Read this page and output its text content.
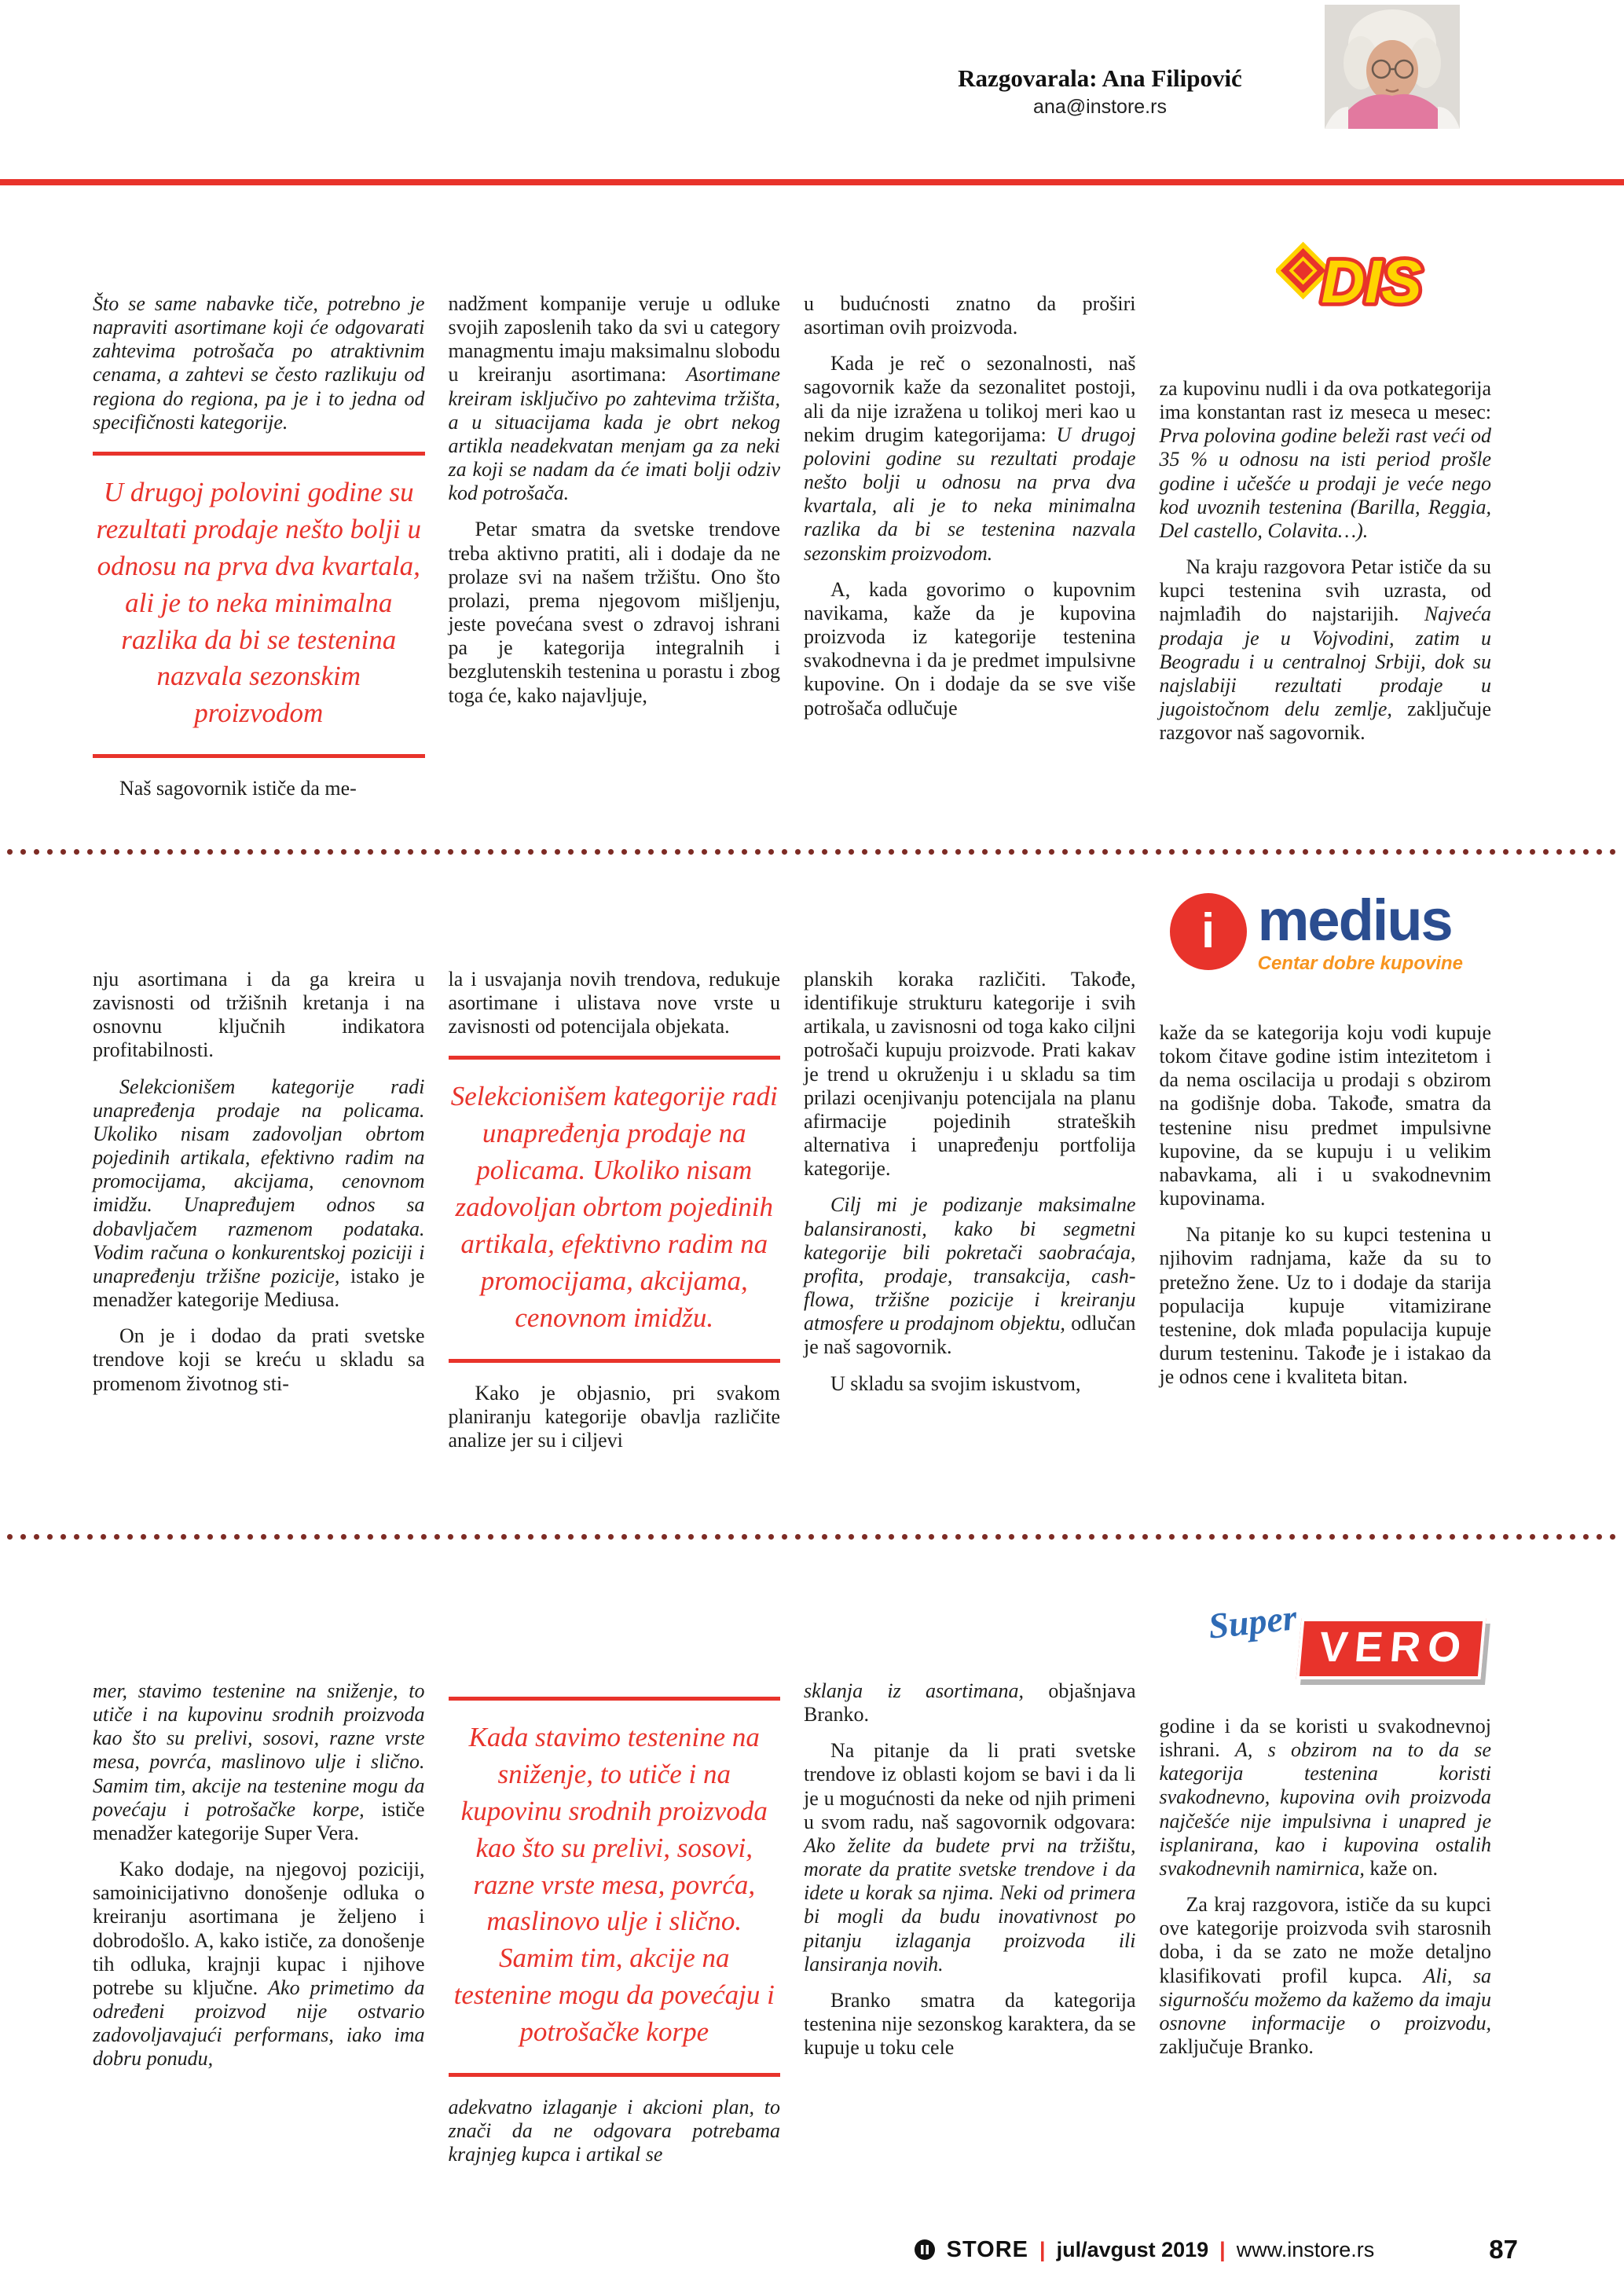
Razgovarala: Ana Filipović
ana@instore.rs
DIS

Što se same nabavke tiče, potrebno je napraviti asortimane koji će odgovarati zahtevima potrošača po atraktivnim cenama, a zahtevi se često razlikuju od regiona do regiona, pa je i to jedna od specifičnosti kategorije.

U drugoj polovini godine su rezultati prodaje nešto bolji u odnosu na prva dva kvartala, ali je to neka minimalna razlika da bi se testenina nazvala sezonskim proizvodom

Naš sagovornik ističe da me-

nadžment kompanije veruje u odluke svojih zaposlenih tako da svi u category managmentu imaju maksimalnu slobodu u kreiranju asortimana: Asortimane kreiram isključivo po zahtevima tržišta, a u situacijama kada je obrt nekog artikla neadekvatan menjam ga za neki za koji se nadam da će imati bolji odziv kod potrošača.

Petar smatra da svetske trendove treba aktivno pratiti, ali i dodaje da ne prolaze svi na našem tržištu. Ono što prolazi, prema njegovom mišljenju, jeste povećana svest o zdravoj ishrani pa je kategorija integralnih i bezglutenskih testenina u porastu i zbog toga će, kako najavljuje,

u budućnosti znatno da proširi asortiman ovih proizvoda.

Kada je reč o sezonalnosti, naš sagovornik kaže da sezonalitet postoji, ali da nije izražena u tolikoj meri kao u nekim drugim kategorijama: U drugoj polovini godine su rezultati prodaje nešto bolji u odnosu na prva dva kvartala, ali je to neka minimalna razlika da bi se testenina nazvala sezonskim proizvodom.

A, kada govorimo o kupovnim navikama, kaže da je kupovina proizvoda iz kategorije testenina svakodnevna i da je predmet impulsivne kupovine. On i dodaje da se sve više potrošača odlučuje

za kupovinu nudli i da ova potkategorija ima konstantan rast iz meseca u mesec: Prva polovina godine beleži rast veći od 35 % u odnosu na isti period prošle godine i učešće u prodaji je veće nego kod uvoznih testenina (Barilla, Reggia, Del castello, Colavita…).

Na kraju razgovora Petar ističe da su kupci testenina svih uzrasta, od najmlađih do najstarijih. Najveća prodaja je u Vojvodini, zatim u Beogradu i u centralnoj Srbiji, dok su najslabiji rezultati prodaje u jugoistočnom delu zemlje, zaključuje razgovor naš sagovornik.

i medius
Centar dobre kupovine

nju asortimana i da ga kreira u zavisnosti od tržišnih kretanja i na osnovnu ključnih indikatora profitabilnosti.

Selekcionišem kategorije radi unapređenja prodaje na policama. Ukoliko nisam zadovoljan obrtom pojedinih artikala, efektivno radim na promocijama, akcijama, cenovnom imidžu. Unapređujem odnos sa dobavljačem razmenom podataka. Vodim računa o konkurentskoj poziciji i unapređenju tržišne pozicije, istako je menadžer kategorije Mediusa.

On je i dodao da prati svetske trendove koji se kreću u skladu sa promenom životnog sti-

la i usvajanja novih trendova, redukuje asortimane i ulistava nove vrste u zavisnosti od potencijala objekata.

Selekcionišem kategorije radi unapređenja prodaje na policama. Ukoliko nisam zadovoljan obrtom pojedinih artikala, efektivno radim na promocijama, akcijama, cenovnom imidžu.

Kako je objasnio, pri svakom planiranju kategorije obavlja različite analize jer su i ciljevi

planskih koraka različiti. Takođe, identifikuje strukturu kategorije i svih artikala, u zavisnosni od toga kako ciljni potrošači kupuju proizvode. Prati kakav je trend u okruženju i u skladu sa tim prilazi ocenjivanju potencijala na planu afirmacije pojedinih strateških alternativa i unapređenju portfolija kategorije.

Cilj mi je podizanje maksimalne balansiranosti, kako bi segmetni kategorije bili pokretači saobraćaja, profita, prodaje, transakcija, cash-flowa, tržišne pozicije i kreiranju atmosfere u prodajnom objektu, odlučan je naš sagovornik.

U skladu sa svojim iskustvom,

kaže da se kategorija koju vodi kupuje tokom čitave godine istim intezitetom i da nema oscilacija u prodaji s obzirom na godišnje doba. Takođe, smatra da testenine nisu predmet impulsivne kupovine, da se kupuju i u velikim nabavkama, ali i u svakodnevnim kupovinama.

Na pitanje ko su kupci testenina u njihovim radnjama, kaže da su to pretežno žene. Uz to i dodaje da starija populacija kupuje vitamizirane testenine, dok mlađa populacija kupuje durum testeninu. Takođe je i istakao da je odnos cene i kvaliteta bitan.

Super
VERO

mer, stavimo testenine na sniženje, to utiče i na kupovinu srodnih proizvoda kao što su prelivi, sosovi, razne vrste mesa, povrća, maslinovo ulje i slično. Samim tim, akcije na testenine mogu da povećaju i potrošačke korpe, ističe menadžer kategorije Super Vera.

Kako dodaje, na njegovoj poziciji, samoinicijativno donošenje odluka o kreiranju asortimana je željeno i dobrodošlo. A, kako ističe, za donošenje tih odluka, krajnji kupac i njihove potrebe su ključne. Ako primetimo da određeni proizvod nije ostvario zadovoljavajući performans, iako ima dobru ponudu,

Kada stavimo testenine na sniženje, to utiče i na kupovinu srodnih proizvoda kao što su prelivi, sosovi, razne vrste mesa, povrća, maslinovo ulje i slično. Samim tim, akcije na testenine mogu da povećaju i potrošačke korpe

adekvatno izlaganje i akcioni plan, to znači da ne odgovara potrebama krajnjeg kupca i artikal se

sklanja iz asortimana, objašnjava Branko.

Na pitanje da li prati svetske trendove iz oblasti kojom se bavi i da li je u mogućnosti da neke od njih primeni u svom radu, naš sagovornik odgovara: Ako želite da budete prvi na tržištu, morate da pratite svetske trendove i da idete u korak sa njima. Neki od primera bi mogli da budu inovativnost po pitanju izlaganja proizvoda ili lansiranja novih.

Branko smatra da kategorija testenina nije sezonskog karaktera, da se kupuje u toku cele

godine i da se koristi u svakodnevnoj ishrani. A, s obzirom na to da se kategorija testenina koristi svakodnevno, kupovina ovih proizvoda najčešće nije impulsivna i unapred je isplanirana, kao i kupovina ostalih svakodnevnih namirnica, kaže on.

Za kraj razgovora, ističe da su kupci ove kategorije proizvoda svih starosnih doba, i da se zato ne može detaljno klasifikovati profil kupca. Ali, sa sigurnošću možemo da kažemo da imaju osnovne informacije o proizvodu, zaključuje Branko.

STORE | jul/avgust 2019 | www.instore.rs	87
